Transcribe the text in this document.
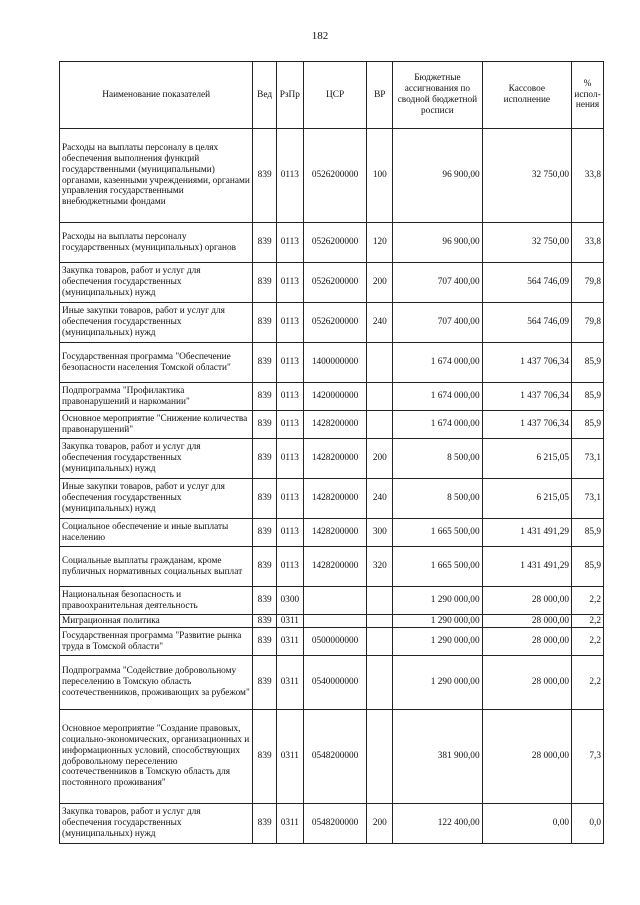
182
Наименование показателей	Вед	РзПр	ЦСР	ВР	Бюджетные ассигнования по сводной бюджетной росписи	Кассовое исполнение	% испол-нения
Расходы на выплаты персоналу в целях обеспечения выполнения функций государственными (муниципальными) органами, казенными учреждениями, органами управления государственными внебюджетными фондами	839	0113	0526200000	100	96 900,00	32 750,00	33,8
Расходы на выплаты персоналу государственных (муниципальных) органов	839	0113	0526200000	120	96 900,00	32 750,00	33,8
Закупка товаров, работ и услуг для обеспечения государственных (муниципальных) нужд	839	0113	0526200000	200	707 400,00	564 746,09	79,8
Иные закупки товаров, работ и услуг для обеспечения государственных (муниципальных) нужд	839	0113	0526200000	240	707 400,00	564 746,09	79,8
Государственная программа "Обеспечение безопасности населения Томской области"	839	0113	1400000000		1 674 000,00	1 437 706,34	85,9
Подпрограмма "Профилактика правонарушений и наркомании"	839	0113	1420000000		1 674 000,00	1 437 706,34	85,9
Основное мероприятие "Снижение количества правонарушений"	839	0113	1428200000		1 674 000,00	1 437 706,34	85,9
Закупка товаров, работ и услуг для обеспечения государственных (муниципальных) нужд	839	0113	1428200000	200	8 500,00	6 215,05	73,1
Иные закупки товаров, работ и услуг для обеспечения государственных (муниципальных) нужд	839	0113	1428200000	240	8 500,00	6 215,05	73,1
Социальное обеспечение и иные выплаты населению	839	0113	1428200000	300	1 665 500,00	1 431 491,29	85,9
Социальные выплаты гражданам, кроме публичных нормативных социальных выплат	839	0113	1428200000	320	1 665 500,00	1 431 491,29	85,9
Национальная безопасность и правоохранительная деятельность	839	0300			1 290 000,00	28 000,00	2,2
Миграционная политика	839	0311			1 290 000,00	28 000,00	2,2
Государственная программа "Развитие рынка труда в Томской области"	839	0311	0500000000		1 290 000,00	28 000,00	2,2
Подпрограмма "Содействие добровольному переселению в Томскую область соотечественников, проживающих за рубежом"	839	0311	0540000000		1 290 000,00	28 000,00	2,2
Основное мероприятие "Создание правовых, социально-экономических, организационных и информационных условий, способствующих добровольному переселению соотечественников в Томскую область для постоянного проживания"	839	0311	0548200000		381 900,00	28 000,00	7,3
Закупка товаров, работ и услуг для обеспечения государственных (муниципальных) нужд	839	0311	0548200000	200	122 400,00	0,00	0,0
